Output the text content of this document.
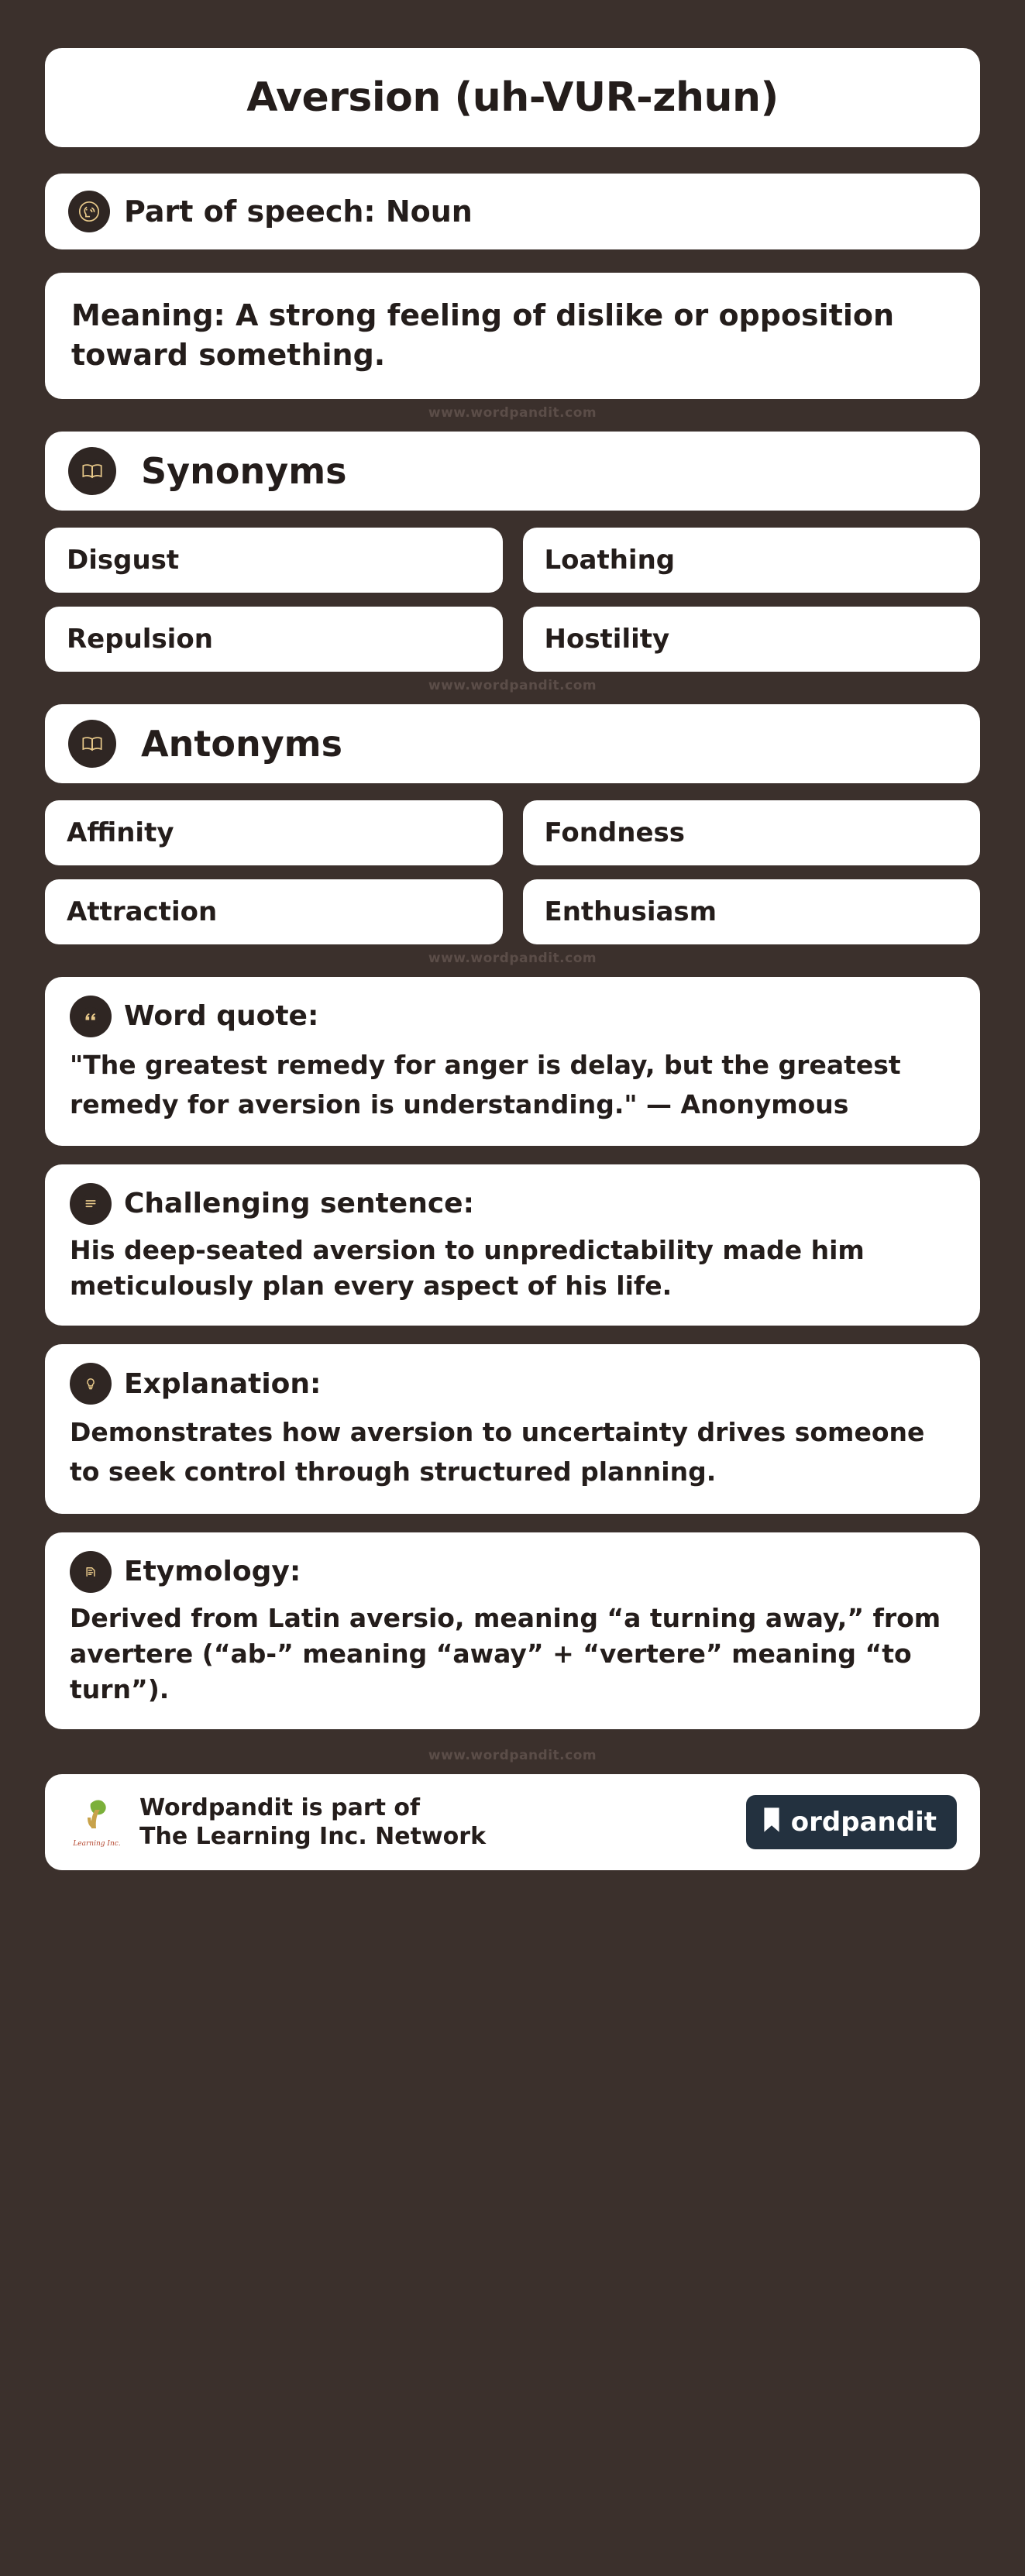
Aversion (uh-VUR-zhun)
Part of speech: Noun
Meaning: A strong feeling of dislike or opposition toward something.
www.wordpandit.com
Synonyms
Disgust	Loathing
Repulsion	Hostility
www.wordpandit.com
Antonyms
Affinity	Fondness
Attraction	Enthusiasm
www.wordpandit.com
Word quote:
"The greatest remedy for anger is delay, but the greatest remedy for aversion is understanding." — Anonymous
Challenging sentence:
His deep-seated aversion to unpredictability made him meticulously plan every aspect of his life.
Explanation:
Demonstrates how aversion to uncertainty drives someone to seek control through structured planning.
Etymology:
Derived from Latin aversio, meaning “a turning away,” from avertere (“ab-” meaning “away” + “vertere” meaning “to turn”).
www.wordpandit.com
Learning Inc.
Wordpandit is part of
The Learning Inc. Network	ordpandit
